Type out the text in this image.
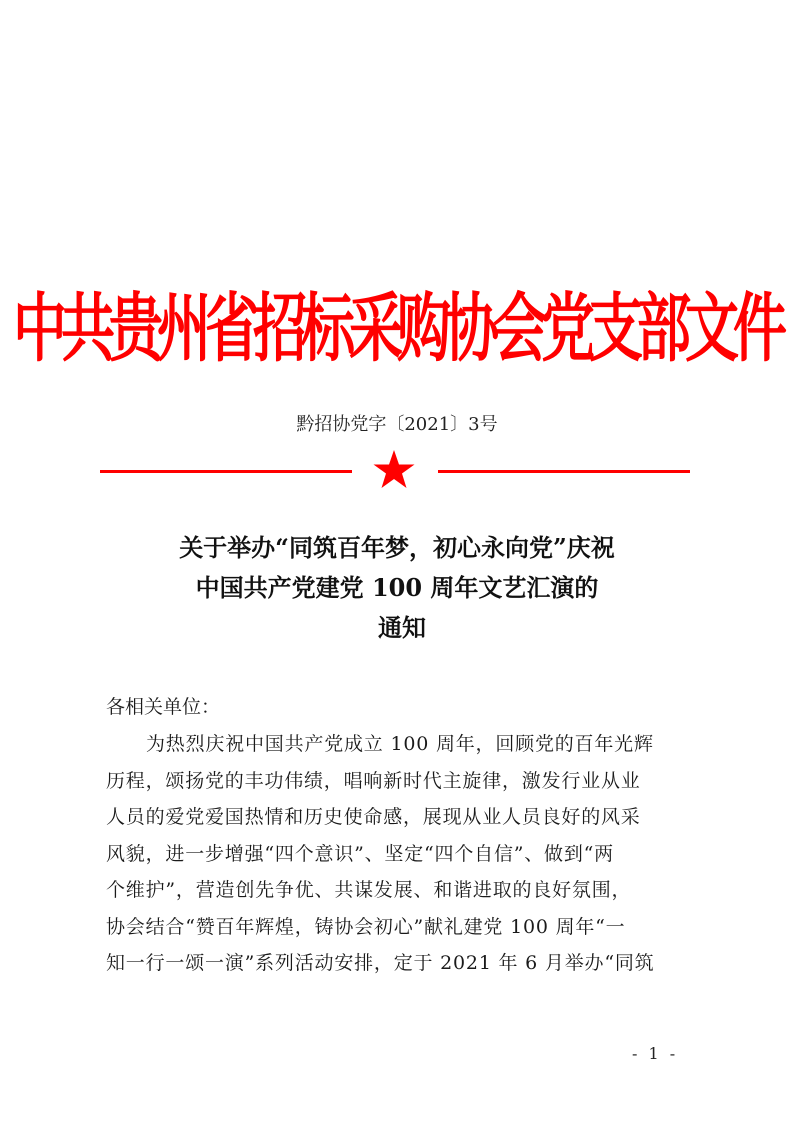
中共贵州省招标采购协会党支部文件
黔招协党字〔2021〕3号
关于举办“同筑百年梦，初心永向党”庆祝
中国共产党建党 100 周年文艺汇演的
通知
各相关单位：
为热烈庆祝中国共产党成立 100 周年，回顾党的百年光辉
历程，颂扬党的丰功伟绩，唱响新时代主旋律，激发行业从业
人员的爱党爱国热情和历史使命感，展现从业人员良好的风采
风貌，进一步增强“四个意识”、坚定“四个自信”、做到“两
个维护”，营造创先争优、共谋发展、和谐进取的良好氛围，
协会结合“赞百年辉煌，铸协会初心”献礼建党 100 周年“一
知一行一颂一演”系列活动安排，定于 2021 年 6 月举办“同筑
- 1 -
